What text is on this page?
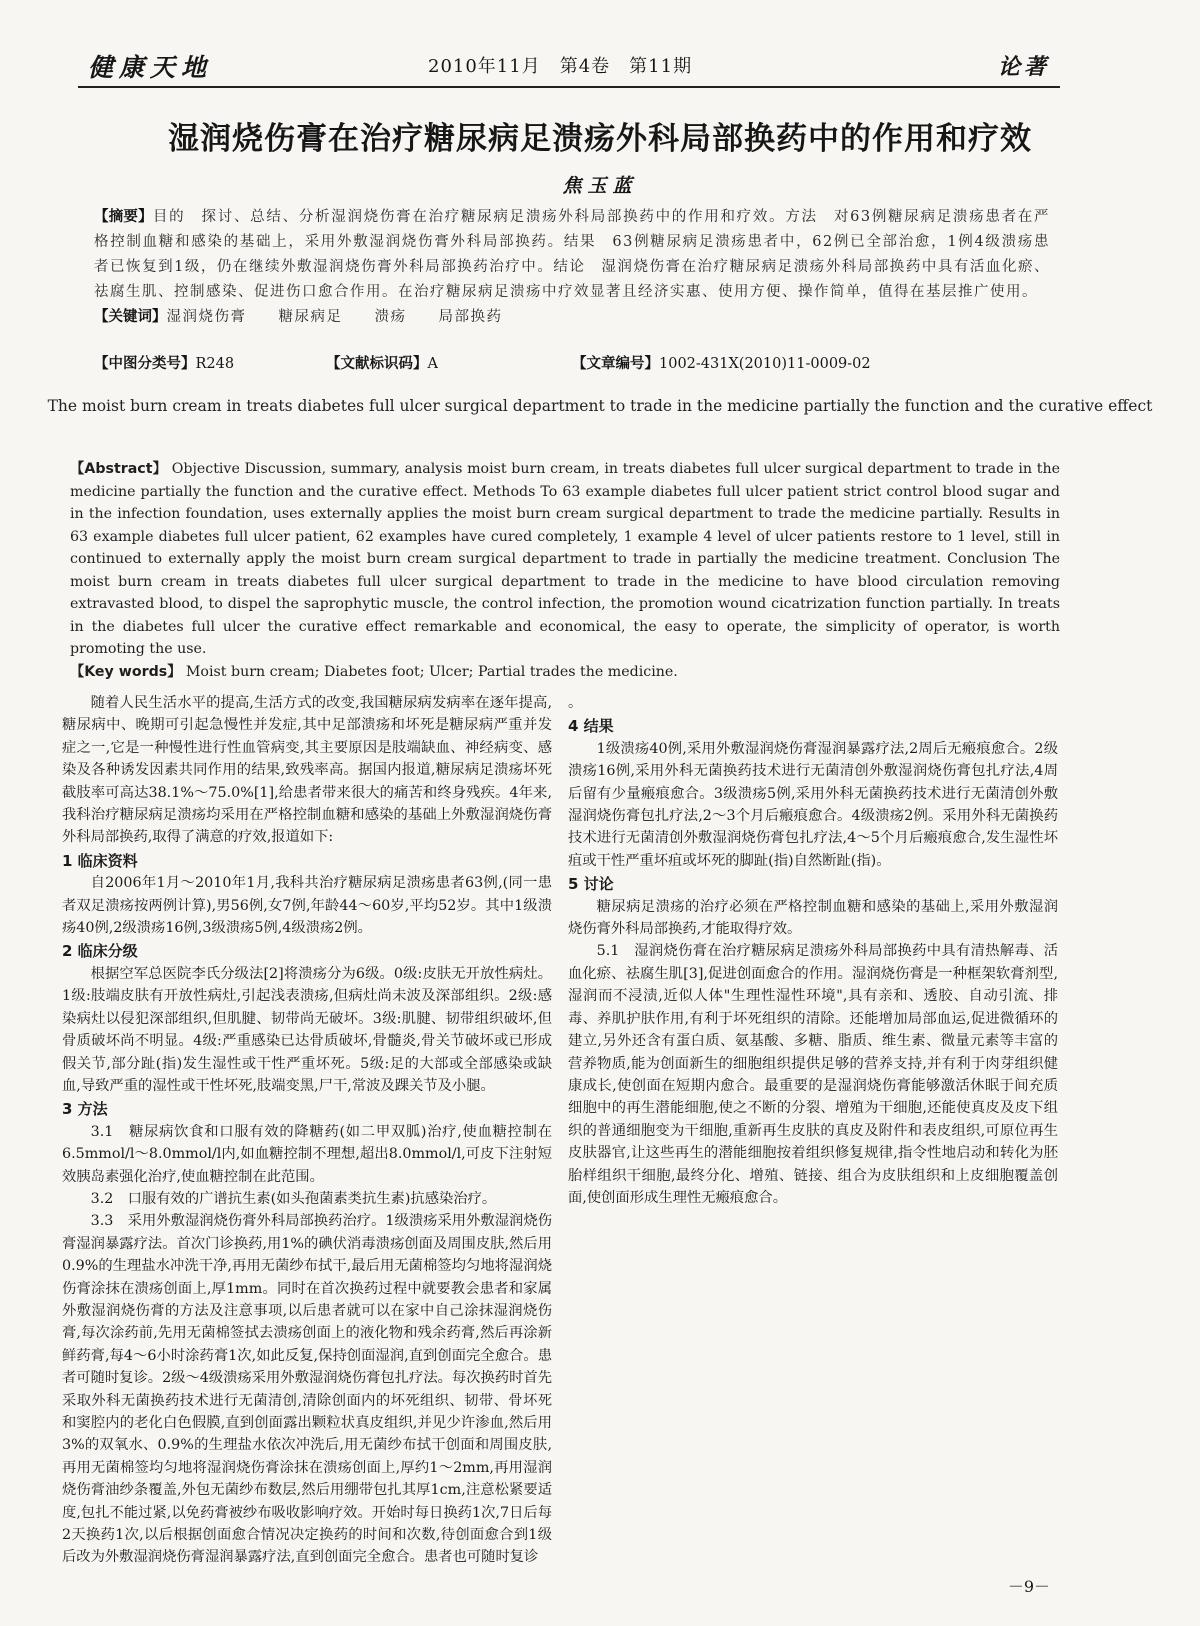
健康天地	2010年11月　第4卷　第11期	论著
湿润烧伤膏在治疗糖尿病足溃疡外科局部换药中的作用和疗效
焦玉蓝

【摘要】目的　探讨、总结、分析湿润烧伤膏在治疗糖尿病足溃疡外科局部换药中的作用和疗效。方法　对63例糖尿病足溃疡患者在严格控制血糖和感染的基础上，采用外敷湿润烧伤膏外科局部换药。结果　63例糖尿病足溃疡患者中，62例已全部治愈，1例4级溃疡患者已恢复到1级，仍在继续外敷湿润烧伤膏外科局部换药治疗中。结论　湿润烧伤膏在治疗糖尿病足溃疡外科局部换药中具有活血化瘀、祛腐生肌、控制感染、促进伤口愈合作用。在治疗糖尿病足溃疡中疗效显著且经济实惠、使用方便、操作简单，值得在基层推广使用。

【关键词】湿润烧伤膏　　糖尿病足　　溃疡　　局部换药

【中图分类号】R248	【文献标识码】A	【文章编号】1002-431X(2010)11-0009-02
The moist burn cream in treats diabetes full ulcer surgical department to trade in the medicine partially the function and the curative effect

【Abstract】 Objective Discussion, summary, analysis moist burn cream, in treats diabetes full ulcer surgical department to trade in the medicine partially the function and the curative effect. Methods To 63 example diabetes full ulcer patient strict control blood sugar and in the infection foundation, uses externally applies the moist burn cream surgical department to trade the medicine partially. Results in 63 example diabetes full ulcer patient, 62 examples have cured completely, 1 example 4 level of ulcer patients restore to 1 level, still in continued to externally apply the moist burn cream surgical department to trade in partially the medicine treatment. Conclusion The moist burn cream in treats diabetes full ulcer surgical department to trade in the medicine to have blood circulation removing extravasted blood, to dispel the saprophytic muscle, the control infection, the promotion wound cicatrization function partially. In treats in the diabetes full ulcer the curative effect remarkable and economical, the easy to operate, the simplicity of operator, is worth promoting the use.

【Key words】 Moist burn cream; Diabetes foot; Ulcer; Partial trades the medicine.

随着人民生活水平的提高,生活方式的改变,我国糖尿病发病率在逐年提高,糖尿病中、晚期可引起急慢性并发症,其中足部溃疡和坏死是糖尿病严重并发症之一,它是一种慢性进行性血管病变,其主要原因是肢端缺血、神经病变、感染及各种诱发因素共同作用的结果,致残率高。据国内报道,糖尿病足溃疡坏死截肢率可高达38.1%～75.0%[1],给患者带来很大的痛苦和终身残疾。4年来,我科治疗糖尿病足溃疡均采用在严格控制血糖和感染的基础上外敷湿润烧伤膏外科局部换药,取得了满意的疗效,报道如下:

1 临床资料

自2006年1月～2010年1月,我科共治疗糖尿病足溃疡患者63例,(同一患者双足溃疡按两例计算),男56例,女7例,年龄44～60岁,平均52岁。其中1级溃疡40例,2级溃疡16例,3级溃疡5例,4级溃疡2例。

2 临床分级

根据空军总医院李氏分级法[2]将溃疡分为6级。0级:皮肤无开放性病灶。1级:肢端皮肤有开放性病灶,引起浅表溃疡,但病灶尚未波及深部组织。2级:感染病灶以侵犯深部组织,但肌腱、韧带尚无破坏。3级:肌腱、韧带组织破坏,但骨质破坏尚不明显。4级:严重感染已达骨质破坏,骨髓炎,骨关节破坏或已形成假关节,部分趾(指)发生湿性或干性严重坏死。5级:足的大部或全部感染或缺血,导致严重的湿性或干性坏死,肢端变黑,尸干,常波及踝关节及小腿。

3 方法

3.1　糖尿病饮食和口服有效的降糖药(如二甲双胍)治疗,使血糖控制在6.5mmol/l～8.0mmol/l内,如血糖控制不理想,超出8.0mmol/l,可皮下注射短效胰岛素强化治疗,使血糖控制在此范围。

3.2　口服有效的广谱抗生素(如头孢菌素类抗生素)抗感染治疗。

3.3　采用外敷湿润烧伤膏外科局部换药治疗。1级溃疡采用外敷湿润烧伤膏湿润暴露疗法。首次门诊换药,用1%的碘伏消毒溃疡创面及周围皮肤,然后用0.9%的生理盐水冲洗干净,再用无菌纱布拭干,最后用无菌棉签均匀地将湿润烧伤膏涂抹在溃疡创面上,厚1mm。同时在首次换药过程中就要教会患者和家属外敷湿润烧伤膏的方法及注意事项,以后患者就可以在家中自己涂抹湿润烧伤膏,每次涂药前,先用无菌棉签拭去溃疡创面上的液化物和残余药膏,然后再涂新鲜药膏,每4～6小时涂药膏1次,如此反复,保持创面湿润,直到创面完全愈合。患者可随时复诊。2级～4级溃疡采用外敷湿润烧伤膏包扎疗法。每次换药时首先采取外科无菌换药技术进行无菌清创,清除创面内的坏死组织、韧带、骨坏死和窦腔内的老化白色假膜,直到创面露出颗粒状真皮组织,并见少许渗血,然后用3%的双氧水、0.9%的生理盐水依次冲洗后,用无菌纱布拭干创面和周围皮肤,再用无菌棉签均匀地将湿润烧伤膏涂抹在溃疡创面上,厚约1～2mm,再用湿润烧伤膏油纱条覆盖,外包无菌纱布数层,然后用绷带包扎其厚1cm,注意松紧要适度,包扎不能过紧,以免药膏被纱布吸收影响疗效。开始时每日换药1次,7日后每2天换药1次,以后根据创面愈合情况决定换药的时间和次数,待创面愈合到1级后改为外敷湿润烧伤膏湿润暴露疗法,直到创面完全愈合。患者也可随时复诊

。

4 结果

1级溃疡40例,采用外敷湿润烧伤膏湿润暴露疗法,2周后无瘢痕愈合。2级溃疡16例,采用外科无菌换药技术进行无菌清创外敷湿润烧伤膏包扎疗法,4周后留有少量瘢痕愈合。3级溃疡5例,采用外科无菌换药技术进行无菌清创外敷湿润烧伤膏包扎疗法,2～3个月后瘢痕愈合。4级溃疡2例。采用外科无菌换药技术进行无菌清创外敷湿润烧伤膏包扎疗法,4～5个月后瘢痕愈合,发生湿性坏疽或干性严重坏疽或坏死的脚趾(指)自然断趾(指)。

5 讨论

糖尿病足溃疡的治疗必须在严格控制血糖和感染的基础上,采用外敷湿润烧伤膏外科局部换药,才能取得疗效。

5.1　湿润烧伤膏在治疗糖尿病足溃疡外科局部换药中具有清热解毒、活血化瘀、祛腐生肌[3],促进创面愈合的作用。湿润烧伤膏是一种框架软膏剂型,湿润而不浸渍,近似人体"生理性湿性环境",具有亲和、透胶、自动引流、排毒、养肌护肤作用,有利于坏死组织的清除。还能增加局部血运,促进微循环的建立,另外还含有蛋白质、氨基酸、多糖、脂质、维生素、微量元素等丰富的营养物质,能为创面新生的细胞组织提供足够的营养支持,并有利于肉芽组织健康成长,使创面在短期内愈合。最重要的是湿润烧伤膏能够激活休眠于间充质细胞中的再生潜能细胞,使之不断的分裂、增殖为干细胞,还能使真皮及皮下组织的普通细胞变为干细胞,重新再生皮肤的真皮及附件和表皮组织,可原位再生皮肤器官,让这些再生的潜能细胞按着组织修复规律,指令性地启动和转化为胚胎样组织干细胞,最终分化、增殖、链接、组合为皮肤组织和上皮细胞覆盖创面,使创面形成生理性无瘢痕愈合。

－9－
